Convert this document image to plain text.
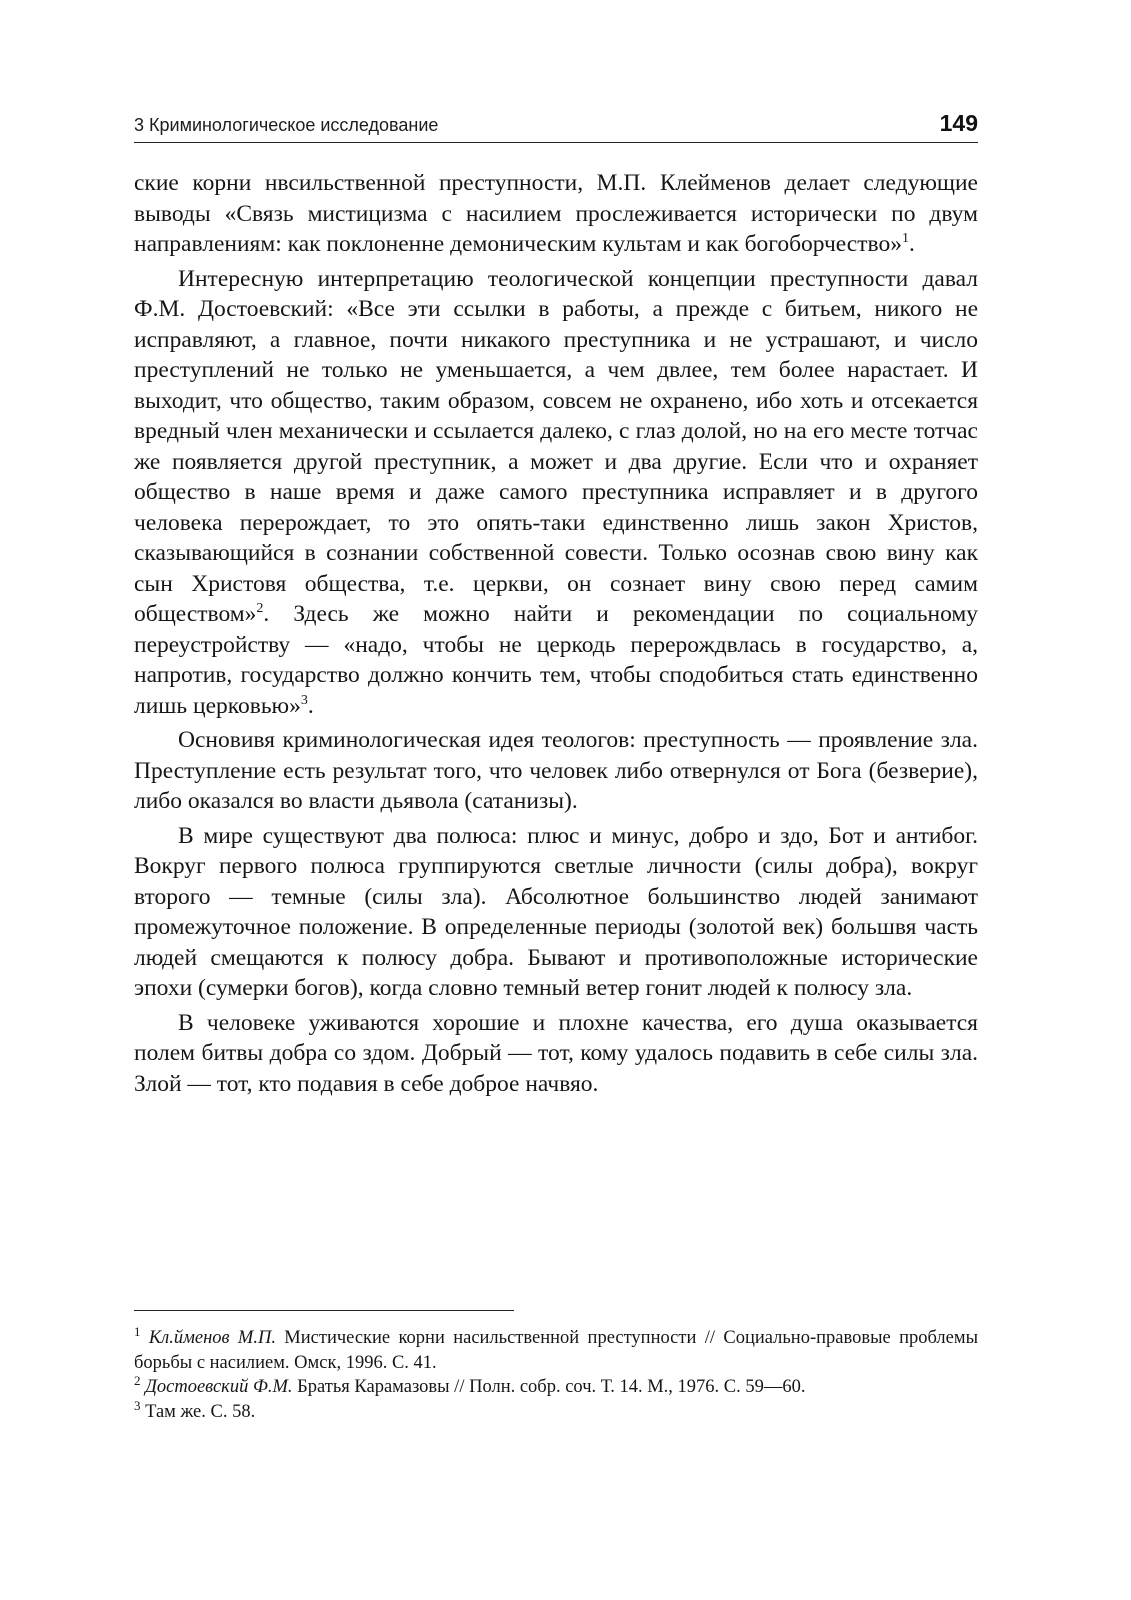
3 Криминологическое исследование	149

ские корни нвсильственной преступности, М.П. Клейменов делает следующие выводы «Связь мистицизма с насилием прослеживается исторически по двум направлениям: как поклоненне демоническим культам и как богоборчество»$^1$.

Интересную интерпретацию теологической концепции преступности давал Ф.М. Достоевский: «Все эти ссылки в работы, а прежде с битьем, никого не исправляют, а главное, почти никакого преступника и не устрашают, и число преступлений не только не уменьшается, а чем двлее, тем более нарастает. И выходит, что общество, таким образом, совсем не охранено, ибо хоть и отсекается вредный член механически и ссылается далеко, с глаз долой, но на его месте тотчас же появляется другой преступник, а может и два другие. Если что и охраняет общество в наше время и даже самого преступника исправляет и в другого человека перерождает, то это опять-таки единственно лишь закон Христов, сказывающийся в сознании собственной совести. Только осознав свою вину как сын Христовя общества, т.е. церкви, он сознает вину свою перед самим обществом»$^2$. Здесь же можно найти и рекомендации по социальному переустройству — «надо, чтобы не церкодь перерождвлась в государство, а, напротив, государство должно кончить тем, чтобы сподобиться стать единственно лишь церковью»$^3$.

Основивя криминологическая идея теологов: преступность — проявление зла. Преступление есть результат того, что человек либо отвернулся от Бога (безверие), либо оказался во власти дьявола (сатанизы).

В мире существуют два полюса: плюс и минус, добро и здо, Бот и антибог. Вокруг первого полюса группируются светлые личности (силы добра), вокруг второго — темные (силы зла). Абсолютное большинство людей занимают промежуточное положение. В определенные периоды (золотой век) большвя часть людей смещаются к полюсу добра. Бывают и противоположные исторические эпохи (сумерки богов), когда словно темный ветер гонит людей к полюсу зла.

В человеке уживаются хорошие и плохне качества, его душа оказывается полем битвы добра со здом. Добрый — тот, кому удалось подавить в себе силы зла. Злой — тот, кто подавия в себе доброе начвяо.

$^1$ Кл.йменов М.П. Мистические корни насильственной преступности // Социально-правовые проблемы борьбы с насилием. Омск, 1996. С. 41.

$^2$ Достоевский Ф.М. Братья Карамазовы // Полн. собр. соч. Т. 14. М., 1976. С. 59—60.

$^3$ Там же. С. 58.
